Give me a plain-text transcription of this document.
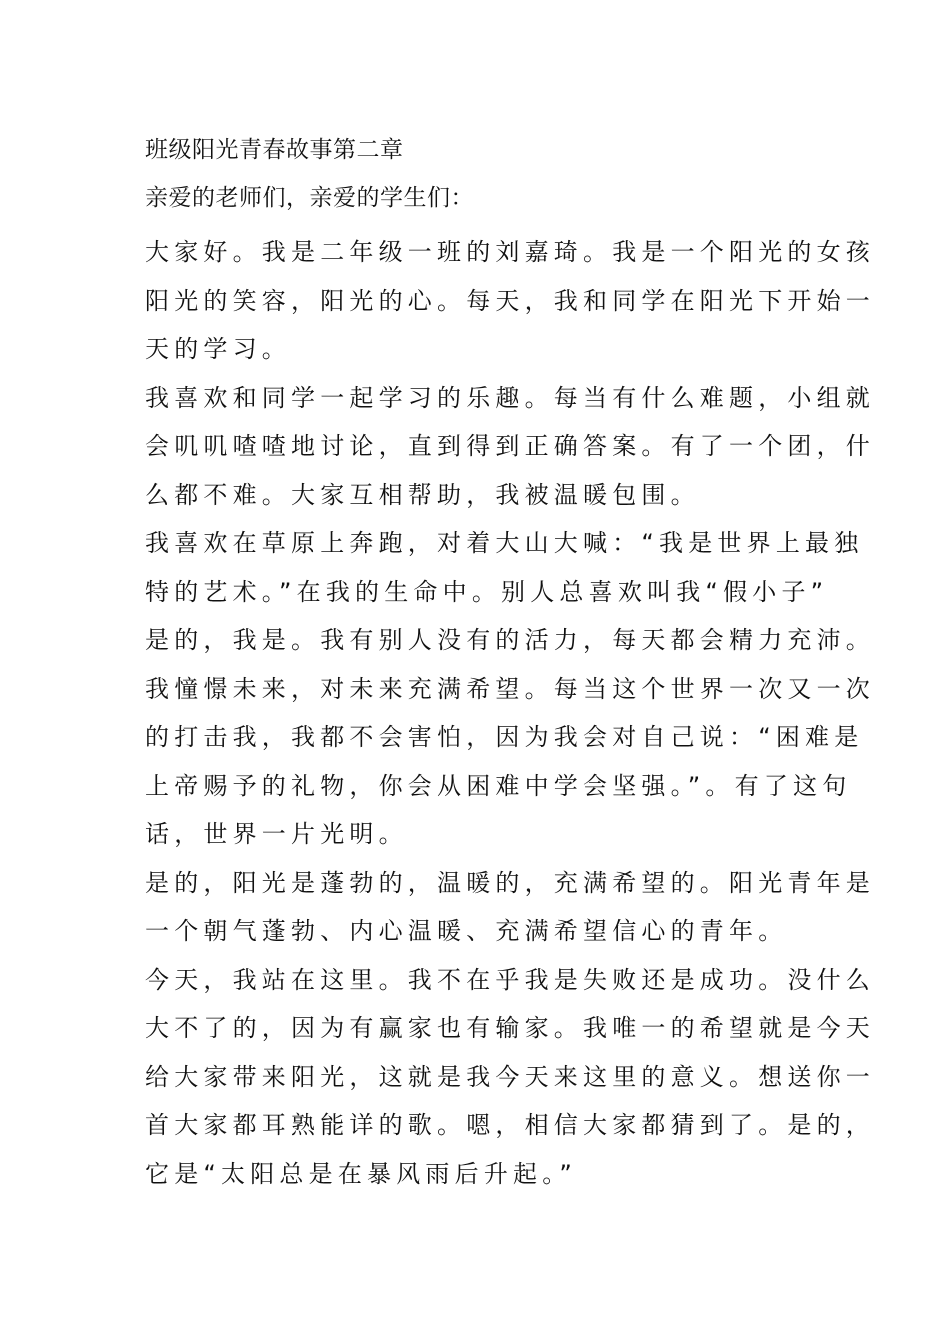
班级阳光青春故事第二章
亲爱的老师们，亲爱的学生们：
大家好。我是二年级一班的刘嘉琦。我是一个阳光的女孩
阳光的笑容，阳光的心。每天，我和同学在阳光下开始一
天的学习。
我喜欢和同学一起学习的乐趣。每当有什么难题，小组就
会叽叽喳喳地讨论，直到得到正确答案。有了一个团，什
么都不难。大家互相帮助，我被温暖包围。
我喜欢在草原上奔跑，对着大山大喊：“我是世界上最独
特的艺术。”在我的生命中。别人总喜欢叫我“假小子”
是的，我是。我有别人没有的活力，每天都会精力充沛。
我憧憬未来，对未来充满希望。每当这个世界一次又一次
的打击我，我都不会害怕，因为我会对自己说：“困难是
上帝赐予的礼物，你会从困难中学会坚强。”。有了这句
话，世界一片光明。
是的，阳光是蓬勃的，温暖的，充满希望的。阳光青年是
一个朝气蓬勃、内心温暖、充满希望信心的青年。
今天，我站在这里。我不在乎我是失败还是成功。没什么
大不了的，因为有赢家也有输家。我唯一的希望就是今天
给大家带来阳光，这就是我今天来这里的意义。想送你一
首大家都耳熟能详的歌。嗯，相信大家都猜到了。是的，
它是“太阳总是在暴风雨后升起。”
